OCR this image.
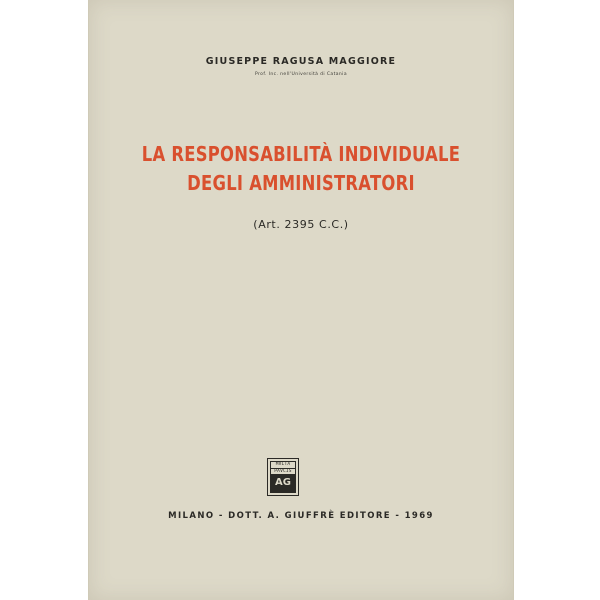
GIUSEPPE RAGUSA MAGGIORE

Prof. Inc. nell'Università di Catania

LA RESPONSABILITÀ INDIVIDUALE

DEGLI AMMINISTRATORI

(Art. 2395 C.C.)

MVLTA
PAVCIS
AG

MILANO - DOTT. A. GIUFFRÈ EDITORE - 1969
